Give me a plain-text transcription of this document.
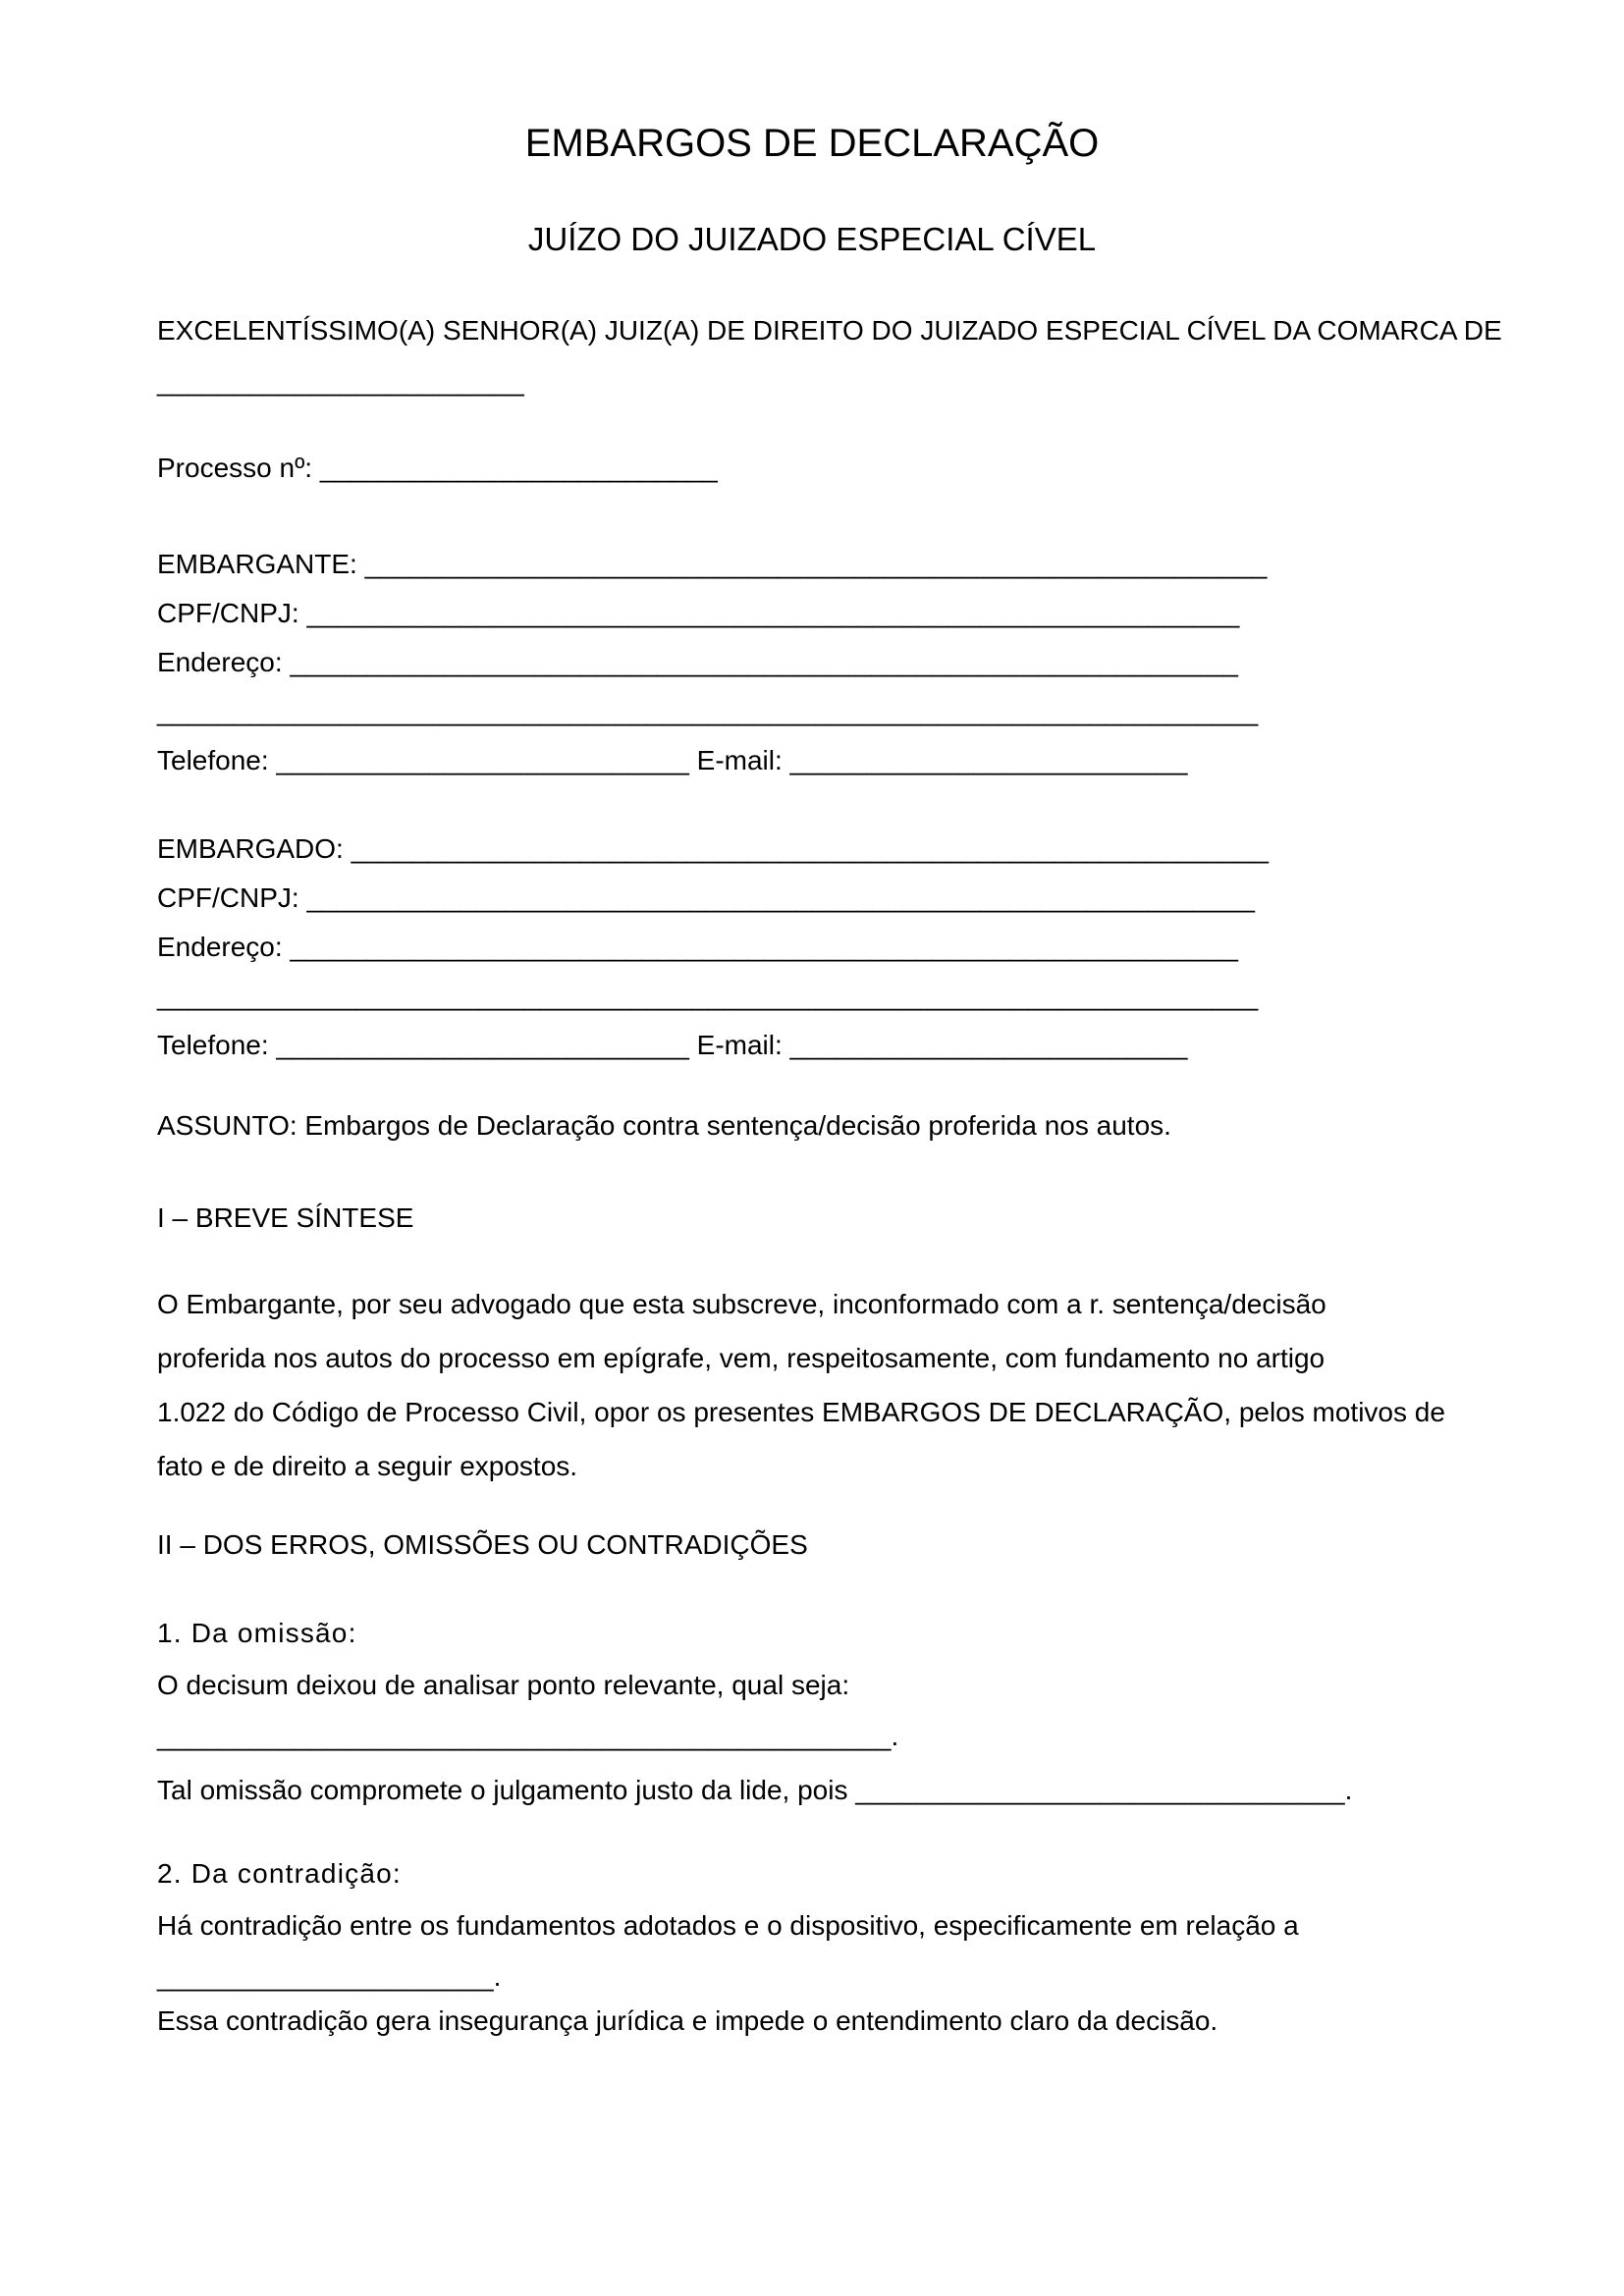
EMBARGOS DE DECLARAÇÃO
JUÍZO DO JUIZADO ESPECIAL CÍVEL
EXCELENTÍSSIMO(A) SENHOR(A) JUIZ(A) DE DIREITO DO JUIZADO ESPECIAL CÍVEL DA COMARCA DE
________________________
Processo nº: __________________________
EMBARGANTE: ___________________________________________________________
CPF/CNPJ: _____________________________________________________________
Endereço: ______________________________________________________________
________________________________________________________________________
Telefone: ___________________________ E-mail: __________________________
EMBARGADO: ____________________________________________________________
CPF/CNPJ: ______________________________________________________________
Endereço: ______________________________________________________________
________________________________________________________________________
Telefone: ___________________________ E-mail: __________________________
ASSUNTO: Embargos de Declaração contra sentença/decisão proferida nos autos.
I – BREVE SÍNTESE
O Embargante, por seu advogado que esta subscreve, inconformado com a r. sentença/decisão
proferida nos autos do processo em epígrafe, vem, respeitosamente, com fundamento no artigo
1.022 do Código de Processo Civil, opor os presentes EMBARGOS DE DECLARAÇÃO, pelos motivos de
fato e de direito a seguir expostos.
II – DOS ERROS, OMISSÕES OU CONTRADIÇÕES
1. Da omissão:
O decisum deixou de analisar ponto relevante, qual seja:
________________________________________________.
Tal omissão compromete o julgamento justo da lide, pois ________________________________.
2. Da contradição:
Há contradição entre os fundamentos adotados e o dispositivo, especificamente em relação a
______________________.
Essa contradição gera insegurança jurídica e impede o entendimento claro da decisão.
